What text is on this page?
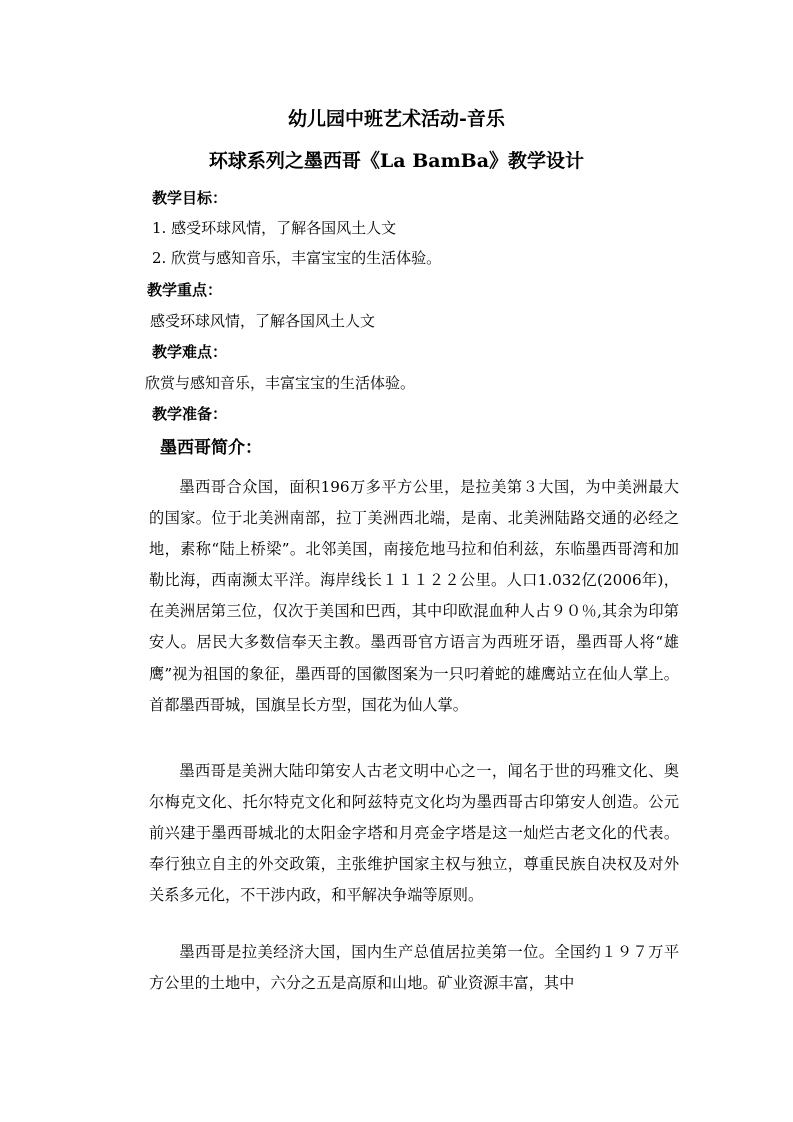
幼儿园中班艺术活动-音乐
环球系列之墨西哥《La BamBa》教学设计
教学目标：
1. 感受环球风情，了解各国风土人文
2. 欣赏与感知音乐，丰富宝宝的生活体验。
教学重点：
感受环球风情，了解各国风土人文
教学难点：
欣赏与感知音乐，丰富宝宝的生活体验。
教学准备：
墨西哥简介：

墨西哥合众国，面积196万多平方公里，是拉美第３大国，为中美洲最大的国家。位于北美洲南部，拉丁美洲西北端，是南、北美洲陆路交通的必经之地，素称“陆上桥梁”。北邻美国，南接危地马拉和伯利兹，东临墨西哥湾和加勒比海，西南濒太平洋。海岸线长１１１２２公里。人口1.032亿(2006年)，在美洲居第三位，仅次于美国和巴西，其中印欧混血种人占９０％,其余为印第安人。居民大多数信奉天主教。墨西哥官方语言为西班牙语，墨西哥人将“雄鹰”视为祖国的象征，墨西哥的国徽图案为一只叼着蛇的雄鹰站立在仙人掌上。首都墨西哥城，国旗呈长方型，国花为仙人掌。

墨西哥是美洲大陆印第安人古老文明中心之一，闻名于世的玛雅文化、奥尔梅克文化、托尔特克文化和阿兹特克文化均为墨西哥古印第安人创造。公元前兴建于墨西哥城北的太阳金字塔和月亮金字塔是这一灿烂古老文化的代表。奉行独立自主的外交政策，主张维护国家主权与独立，尊重民族自决权及对外关系多元化，不干涉内政，和平解决争端等原则。

墨西哥是拉美经济大国，国内生产总值居拉美第一位。全国约１９７万平方公里的土地中，六分之五是高原和山地。矿业资源丰富，其中
